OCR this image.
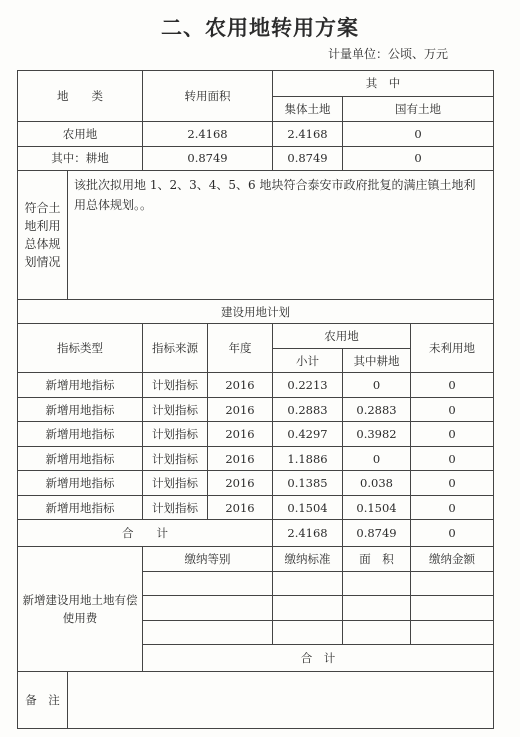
二、农用地转用方案
计量单位：公顷、万元
地　　类		转用面积		其　中		
				集体土地	国有土地	
农用地		2.4168		2.4168	0	
其中：耕地		0.8749		0.8749	0	
符合土地利用总体规划情况	该批次拟用地 1、2、3、4、5、6 地块符合泰安市政府批复的满庄镇土地利用总体规划。。					
建设用地计划						
指标类型		指标来源	年度	农用地		未利用地
				小计	其中耕地	
新增用地指标		计划指标	2016	0.2213	0	0
新增用地指标		计划指标	2016	0.2883	0.2883	0
新增用地指标		计划指标	2016	0.4297	0.3982	0
新增用地指标		计划指标	2016	1.1886	0	0
新增用地指标		计划指标	2016	0.1385	0.038	0
新增用地指标		计划指标	2016	0.1504	0.1504	0
合　　计				2.4168	0.8749	0
新增建设用地土地有偿使用费		缴纳等别		缴纳标准	面　积	缴纳金额

		合　计				
备　注						
